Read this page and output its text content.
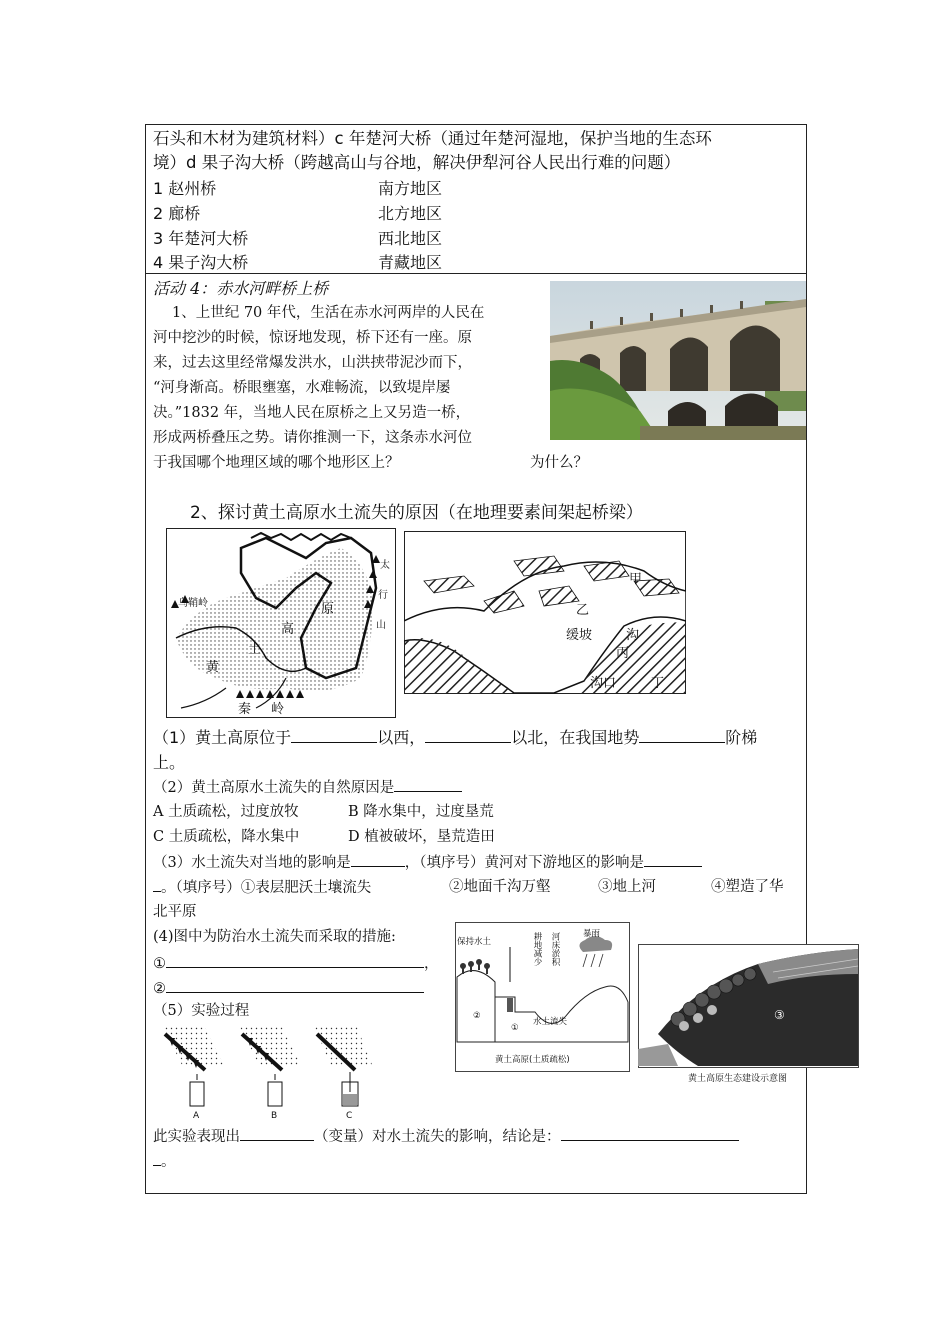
石头和木材为建筑材料）c 年楚河大桥（通过年楚河湿地，保护当地的生态环
境）d 果子沟大桥（跨越高山与谷地，解决伊犁河谷人民出行难的问题）
1 赵州桥	南方地区
2 廊桥	北方地区
3 年楚河大桥	西北地区
4 果子沟大桥	青藏地区
活动 4：赤水河畔桥上桥
1、上世纪 70 年代，生活在赤水河两岸的人民在
河中挖沙的时候，惊讶地发现，桥下还有一座。原
来，过去这里经常爆发洪水，山洪挟带泥沙而下，
“河身渐高。桥眼壅塞，水难畅流，以致堤岸屡
决。”1832 年，当地人民在原桥之上又另造一桥，
形成两桥叠压之势。请你推测一下，这条赤水河位
于我国哪个地理区域的哪个地形区上？	为什么？
2、探讨黄土高原水土流失的原因（在地理要素间架起桥梁）
乌鞘岭
太
行
山
原
高
土
黄
秦 岭
甲
乙
缓坡	沟
丙
沟口	丁
（1）黄土高原位于	以西，	以北，在我国地势	阶梯
上。
（2）黄土高原水土流失的自然原因是
A 土质疏松，过度放牧	B 降水集中，过度垦荒
C 土质疏松，降水集中	D 植被破坏，垦荒造田
（3）水土流失对当地的影响是	，（填序号）黄河对下游地区的影响是
。（填序号）①表层肥沃土壤流失	②地面千沟万壑	③地上河	④塑造了华
北平原
(4)图中为防治水土流失而采取的措施:
①	，
②
保持水土	耕地减少 河床淤积	暴雨
水土流失
②
①
黄土高原(土质疏松)
③
黄土高原生态建设示意图
（5）实验过程
A	B	C
此实验表现出	（变量）对水土流失的影响，结论是：
。
